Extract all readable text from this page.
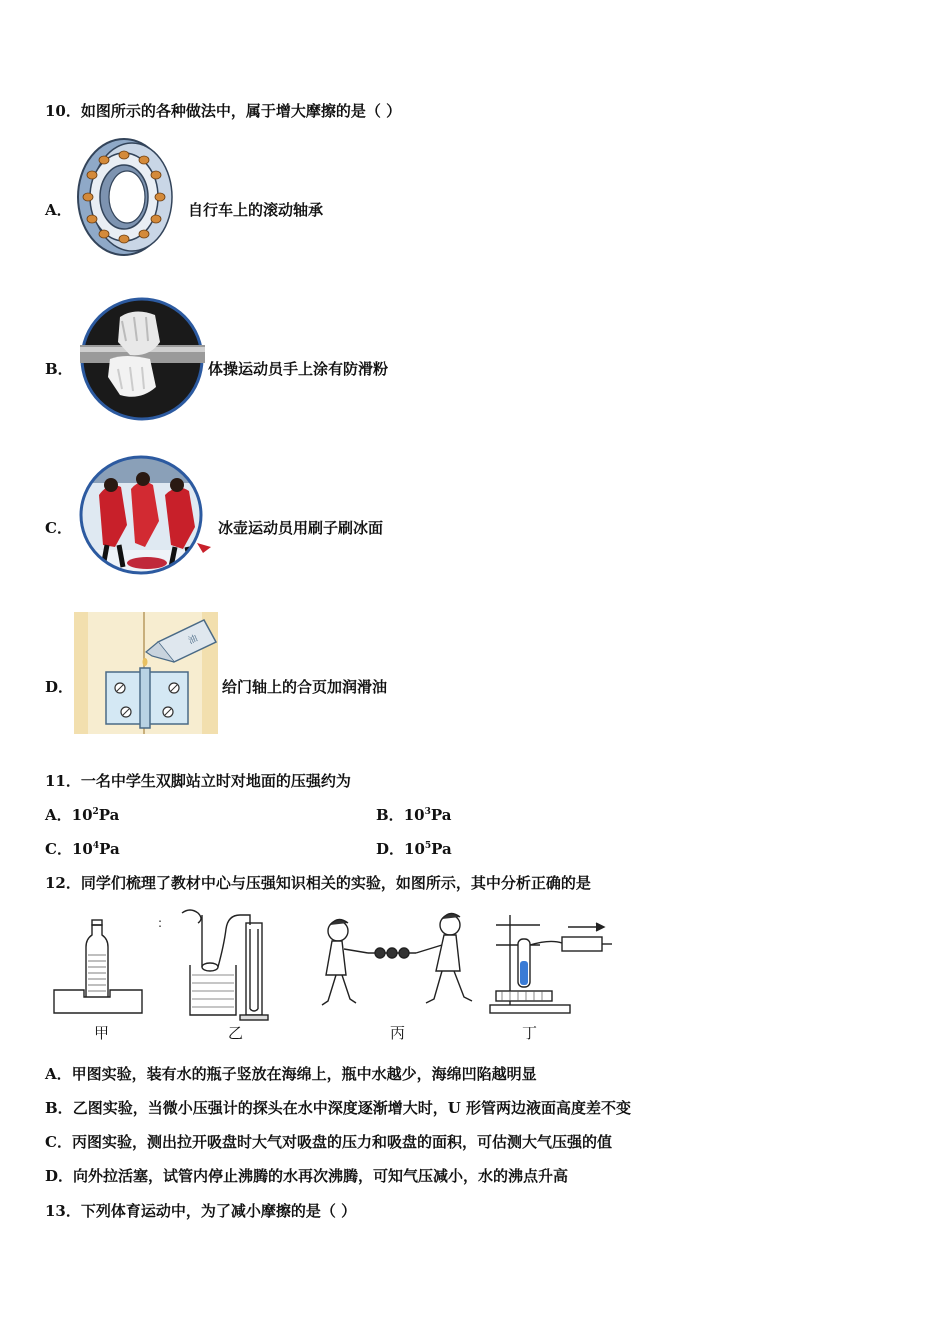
10．如图所示的各种做法中，属于增大摩擦的是（ ）
A．	自行车上的滚动轴承
B．	体操运动员手上涂有防滑粉
C．	冰壶运动员用刷子刷冰面
D．
油
给门轴上的合页加润滑油
11．一名中学生双脚站立时对地面的压强约为
A．$10^2Pa$	B．$10^3Pa$
C．$10^4Pa$	D．$10^5Pa$
12．同学们梳理了教材中心与压强知识相关的实验，如图所示，其中分析正确的是
:
甲	乙	丙	丁
A．甲图实验，装有水的瓶子竖放在海绵上，瓶中水越少，海绵凹陷越明显
B．乙图实验，当微小压强计的探头在水中深度逐渐增大时，U 形管两边液面高度差不变
C．丙图实验，测出拉开吸盘时大气对吸盘的压力和吸盘的面积，可估测大气压强的值
D．向外拉活塞，试管内停止沸腾的水再次沸腾，可知气压减小，水的沸点升高
13．下列体育运动中，为了减小摩擦的是（ ）
